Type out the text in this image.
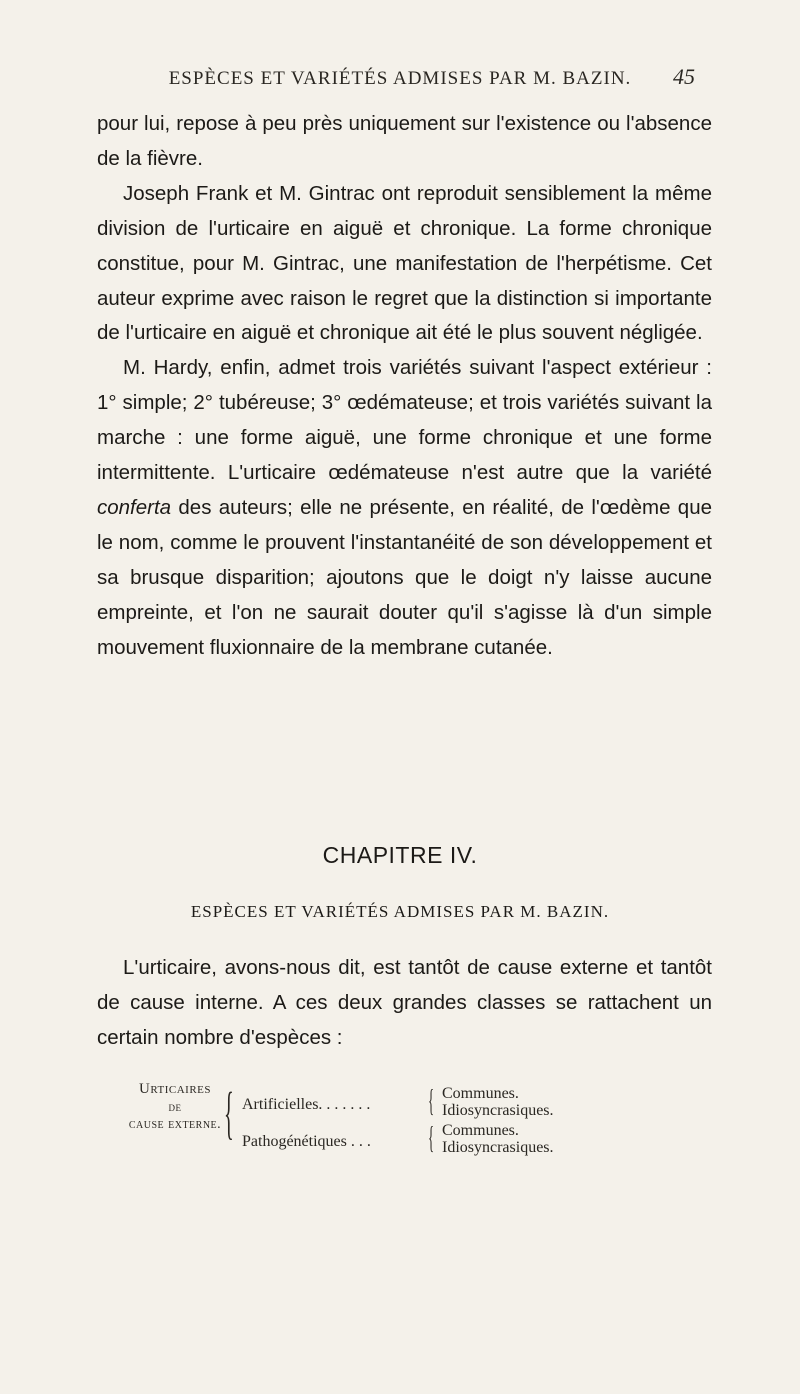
ESPÈCES ET VARIÉTÉS ADMISES PAR M. BAZIN. 45

pour lui, repose à peu près uniquement sur l'existence ou l'absence de la fièvre.

Joseph Frank et M. Gintrac ont reproduit sensiblement la même division de l'urticaire en aiguë et chronique. La forme chronique constitue, pour M. Gintrac, une manifestation de l'herpétisme. Cet auteur exprime avec raison le regret que la distinction si importante de l'urticaire en aiguë et chronique ait été le plus souvent négligée.

M. Hardy, enfin, admet trois variétés suivant l'aspect extérieur : 1° simple; 2° tubéreuse; 3° œdémateuse; et trois variétés suivant la marche : une forme aiguë, une forme chronique et une forme intermittente. L'urticaire œdémateuse n'est autre que la variété conferta des auteurs; elle ne présente, en réalité, de l'œdème que le nom, comme le prouvent l'instantanéité de son développement et sa brusque disparition; ajoutons que le doigt n'y laisse aucune empreinte, et l'on ne saurait douter qu'il s'agisse là d'un simple mouvement fluxionnaire de la membrane cutanée.

CHAPITRE IV.
ESPÈCES ET VARIÉTÉS ADMISES PAR M. BAZIN.

L'urticaire, avons-nous dit, est tantôt de cause externe et tantôt de cause interne. A ces deux grandes classes se rattachent un certain nombre d'espèces :

Urticaires
de
cause externe. { Artificielles. . . . . . .
Pathogénétiques . . .
{ Communes.
Idiosyncrasiques.
{ Communes.
Idiosyncrasiques.
